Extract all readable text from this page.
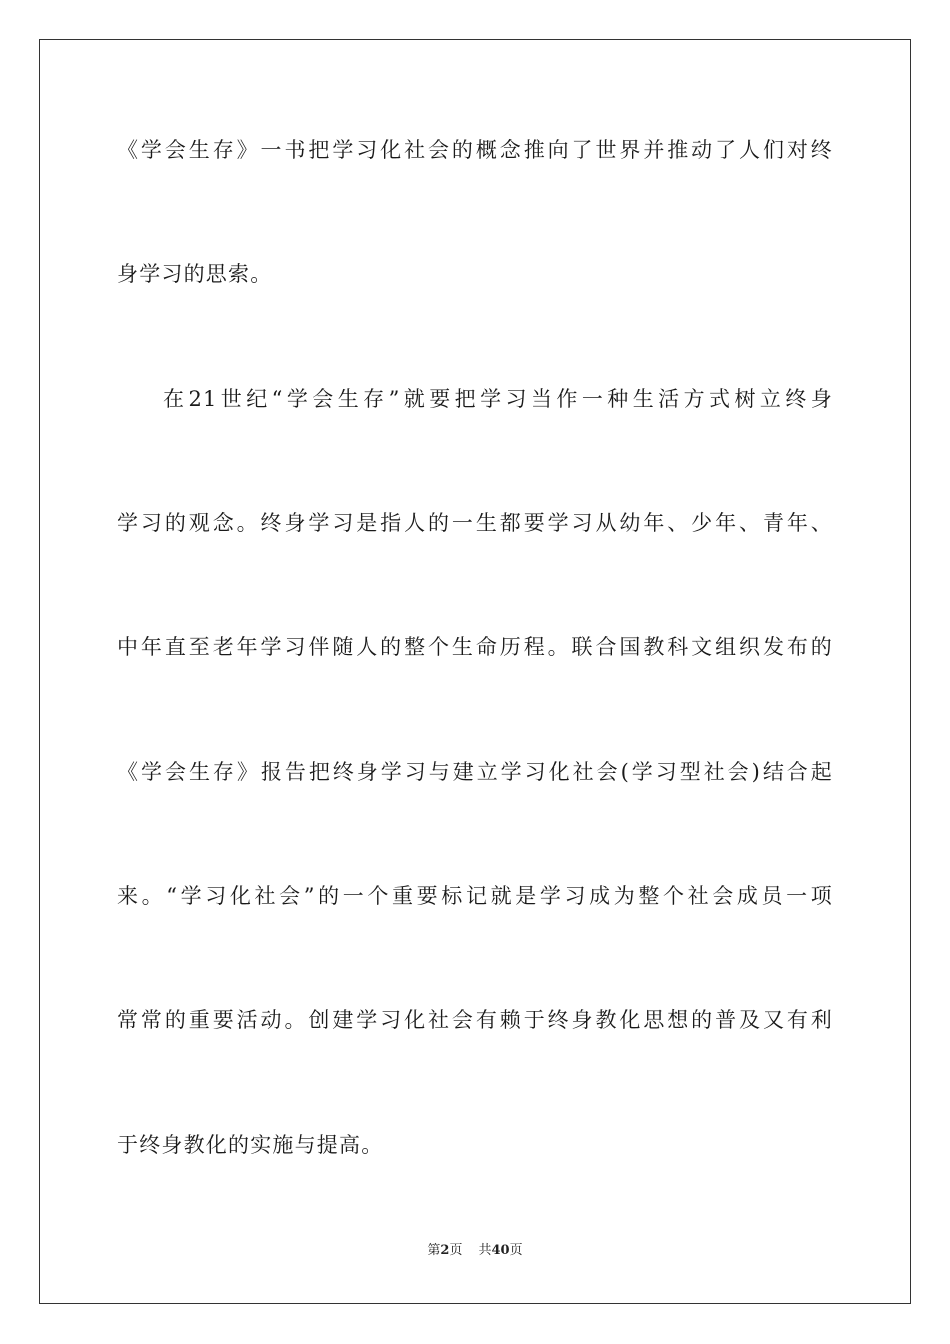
《学会生存》一书把学习化社会的概念推向了世界并推动了人们对终
身学习的思索。
在21世纪“学会生存”就要把学习当作一种生活方式树立终身
学习的观念。终身学习是指人的一生都要学习从幼年、少年、青年、
中年直至老年学习伴随人的整个生命历程。联合国教科文组织发布的
《学会生存》报告把终身学习与建立学习化社会(学习型社会)结合起
来。“学习化社会”的一个重要标记就是学习成为整个社会成员一项
常常的重要活动。创建学习化社会有赖于终身教化思想的普及又有利
于终身教化的实施与提高。
第2页 共40页
